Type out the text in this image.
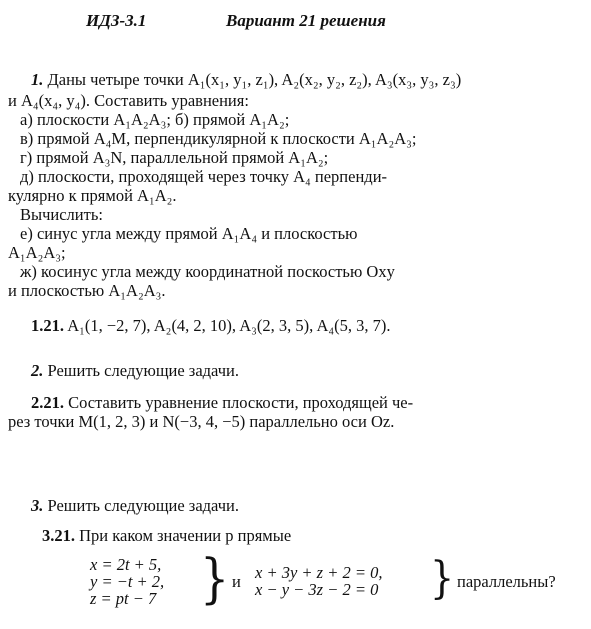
ИДЗ-3.1	Вариант 21 решения
1. Даны четыре точки A₁(x₁, y₁, z₁), A₂(x₂, y₂, z₂), A₃(x₃, y₃, z₃)
и A₄(x₄, y₄). Составить уравнения:
а) плоскости A₁A₂A₃; б) прямой A₁A₂;
в) прямой A₄M, перпендикулярной к плоскости A₁A₂A₃;
г) прямой A₃N, параллельной прямой A₁A₂;
д) плоскости, проходящей через точку A₄ перпенди-
кулярно к прямой A₁A₂.
Вычислить:
е) синус угла между прямой A₁A₄ и плоскостью
A₁A₂A₃;
ж) косинус угла между координатной поскостью Oxy
и плоскостью A₁A₂A₃.
1.21. A₁(1, −2, 7), A₂(4, 2, 10), A₃(2, 3, 5), A₄(5, 3, 7).
2. Решить следующие задачи.
2.21. Составить уравнение плоскости, проходящей че-
рез точки M(1, 2, 3) и N(−3, 4, −5) параллельно оси Oz.
3. Решить следующие задачи.
3.21. При каком значении p прямые
x = 2t + 5,
y = −t + 2,
z = pt − 7 } и x + 3y + z + 2 = 0,
x − y − 3z − 2 = 0 } параллельны?
